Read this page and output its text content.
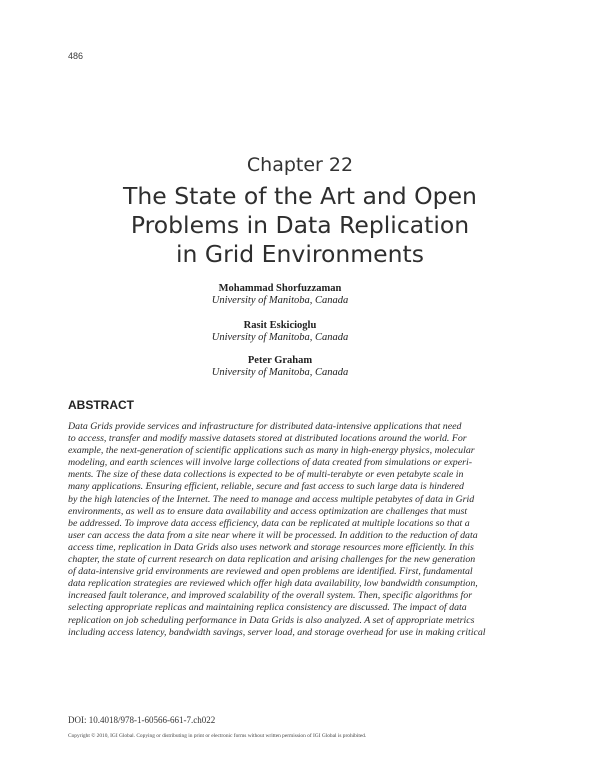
486
Chapter 22
The State of the Art and Open
Problems in Data Replication
in Grid Environments
Mohammad Shorfuzzaman
University of Manitoba, Canada
Rasit Eskicioglu
University of Manitoba, Canada
Peter Graham
University of Manitoba, Canada
ABSTRACT
Data Grids provide services and infrastructure for distributed data-intensive applications that need
to access, transfer and modify massive datasets stored at distributed locations around the world. For
example, the next-generation of scientific applications such as many in high-energy physics, molecular
modeling, and earth sciences will involve large collections of data created from simulations or experi-
ments. The size of these data collections is expected to be of multi-terabyte or even petabyte scale in
many applications. Ensuring efficient, reliable, secure and fast access to such large data is hindered
by the high latencies of the Internet. The need to manage and access multiple petabytes of data in Grid
environments, as well as to ensure data availability and access optimization are challenges that must
be addressed. To improve data access efficiency, data can be replicated at multiple locations so that a
user can access the data from a site near where it will be processed. In addition to the reduction of data
access time, replication in Data Grids also uses network and storage resources more efficiently. In this
chapter, the state of current research on data replication and arising challenges for the new generation
of data-intensive grid environments are reviewed and open problems are identified. First, fundamental
data replication strategies are reviewed which offer high data availability, low bandwidth consumption,
increased fault tolerance, and improved scalability of the overall system. Then, specific algorithms for
selecting appropriate replicas and maintaining replica consistency are discussed. The impact of data
replication on job scheduling performance in Data Grids is also analyzed. A set of appropriate metrics
including access latency, bandwidth savings, server load, and storage overhead for use in making critical
DOI: 10.4018/978-1-60566-661-7.ch022
Copyright © 2010, IGI Global. Copying or distributing in print or electronic forms without written permission of IGI Global is prohibited.
